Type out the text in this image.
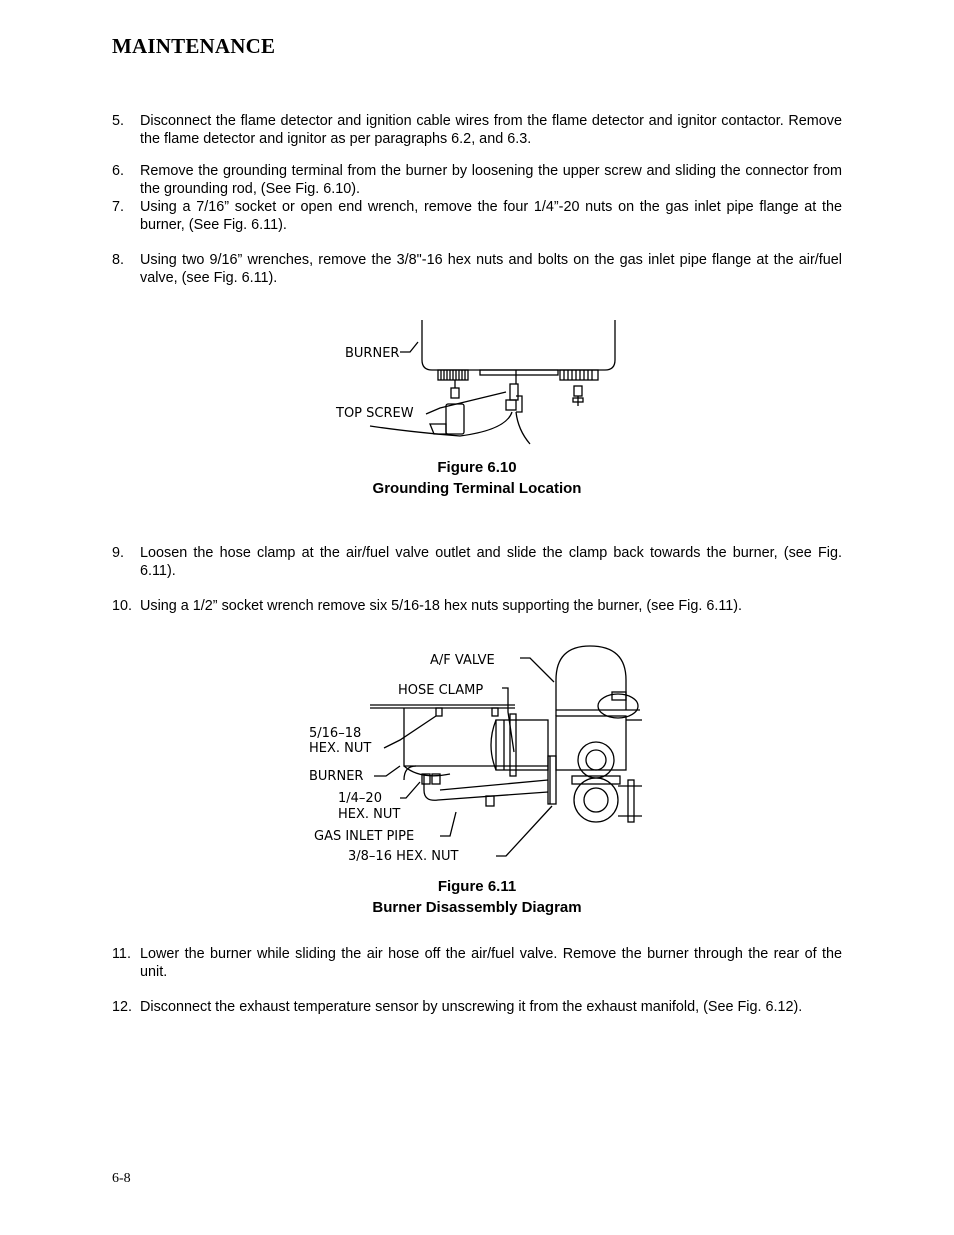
MAINTENANCE
5. Disconnect the flame detector and ignition cable wires from the flame detector and ignitor contactor. Remove the flame detector and ignitor as per paragraphs 6.2, and 6.3.
6. Remove the grounding terminal from the burner by loosening the upper screw and sliding the connector from the grounding rod, (See Fig. 6.10).
7. Using a 7/16” socket or open end wrench, remove the four 1/4”-20 nuts on the gas inlet pipe flange at the burner, (See Fig. 6.11).
8. Using two 9/16” wrenches, remove the 3/8"-16 hex nuts and bolts on the gas inlet pipe flange at the air/fuel valve, (see Fig. 6.11).
BURNER
TOP SCREW
Figure 6.10
Grounding Terminal Location
9. Loosen the hose clamp at the air/fuel valve outlet and slide the clamp back towards the burner, (see Fig. 6.11).
10. Using a 1/2” socket wrench remove six 5/16-18 hex nuts supporting the burner, (see Fig. 6.11).
A/F VALVE
HOSE CLAMP
5/16–18
HEX. NUT
BURNER
1/4–20
HEX. NUT
GAS INLET PIPE
3/8–16 HEX. NUT
Figure 6.11
Burner Disassembly Diagram
11. Lower the burner while sliding the air hose off the air/fuel valve. Remove the burner through the rear of the unit.
12. Disconnect the exhaust temperature sensor by unscrewing it from the exhaust manifold, (See Fig. 6.12).
6-8
